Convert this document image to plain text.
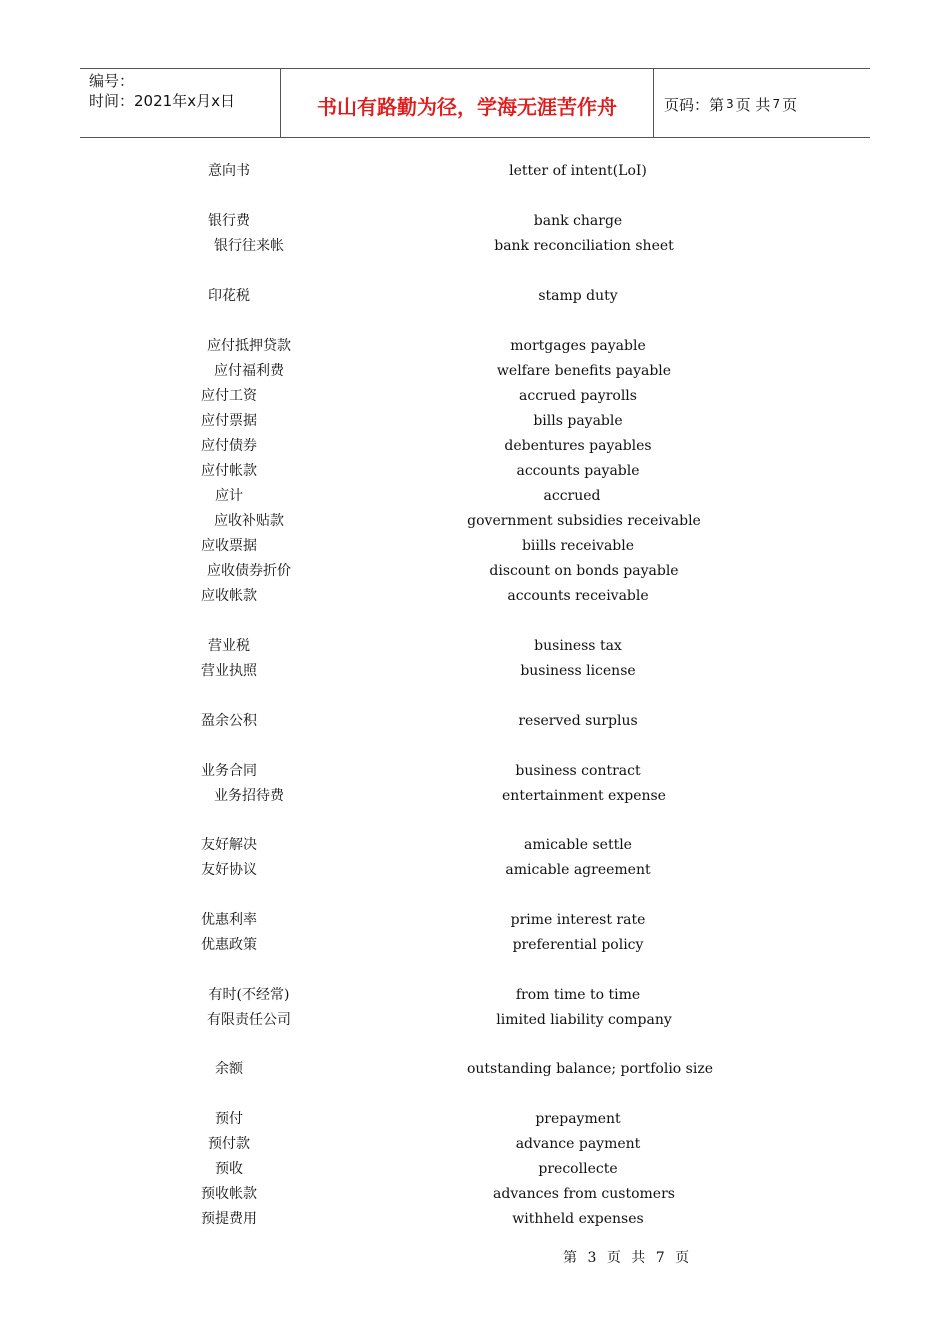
编号：
时间：2021年x月x日	书山有路勤为径，学海无涯苦作舟	页码：第 3 页 共 7 页
意向书	letter of intent(LoI)
银行费	bank charge
银行往来帐	bank reconciliation sheet
印花税	stamp duty
应付抵押贷款	mortgages payable
应付福利费	welfare benefits payable
应付工资	accrued payrolls
应付票据	bills payable
应付债券	debentures payables
应付帐款	accounts payable
应计	accrued
应收补贴款	government subsidies receivable
应收票据	biills receivable
应收债券折价	discount on bonds payable
应收帐款	accounts receivable
营业税	business tax
营业执照	business license
盈余公积	reserved surplus
业务合同	business contract
业务招待费	entertainment expense
友好解决	amicable settle
友好协议	amicable agreement
优惠利率	prime interest rate
优惠政策	preferential policy
有时(不经常)	from time to time
有限责任公司	limited liability company
余额	outstanding balance; portfolio size
预付	prepayment
预付款	advance payment
预收	precollecte
预收帐款	advances from customers
预提费用	withheld expenses
第 3 页 共 7 页
